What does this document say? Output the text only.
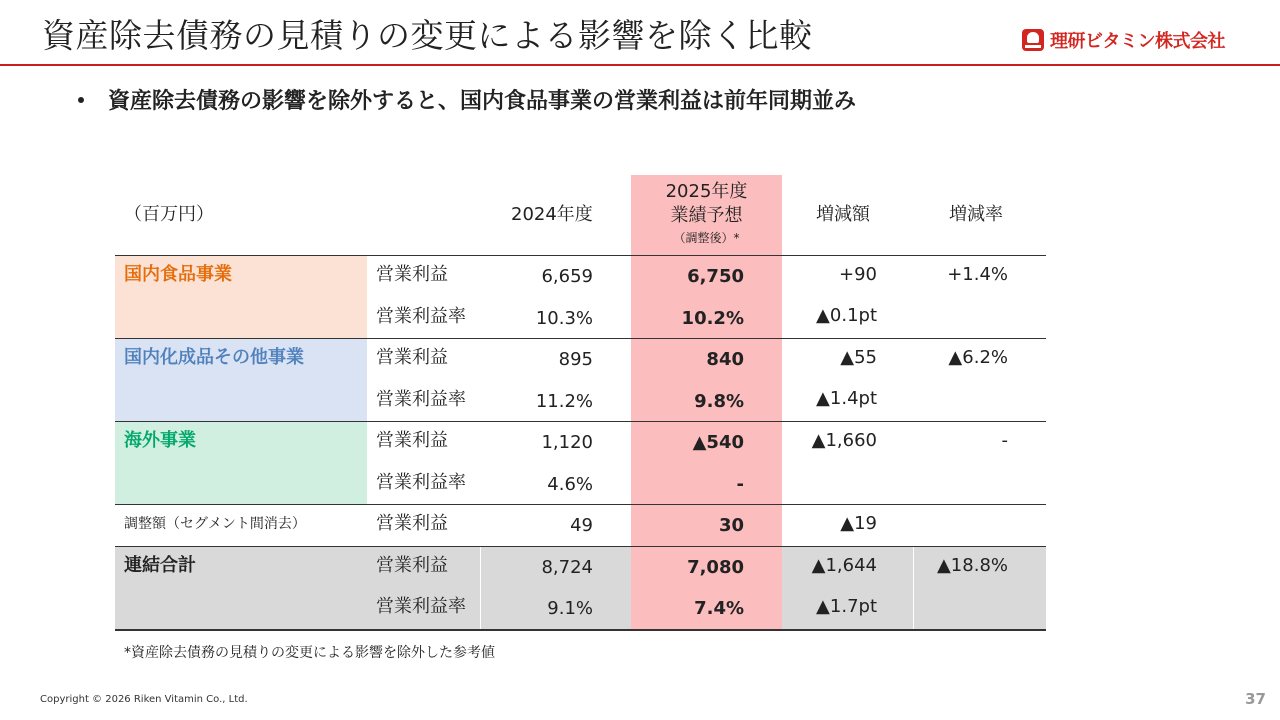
資産除去債務の見積りの変更による影響を除く比較	理研ビタミン株式会社
資産除去債務の影響を除外すると、国内食品事業の営業利益は前年同期並み
（百万円）	2024年度
2025年度
業績予想
（調整後）*
増減額	増減率
国内食品事業	営業利益	6,659	6,750	+90	+1.4%
営業利益率	10.3%	10.2%	▲0.1pt
国内化成品その他事業	営業利益	895	840	▲55	▲6.2%
営業利益率	11.2%	9.8%	▲1.4pt
海外事業	営業利益	1,120	▲540	▲1,660	-
営業利益率	4.6%	-
調整額（セグメント間消去）	営業利益	49	30	▲19
連結合計	営業利益	8,724	7,080	▲1,644	▲18.8%
営業利益率	9.1%	7.4%	▲1.7pt
*資産除去債務の見積りの変更による影響を除外した参考値
Copyright © 2026 Riken Vitamin Co., Ltd.	37
